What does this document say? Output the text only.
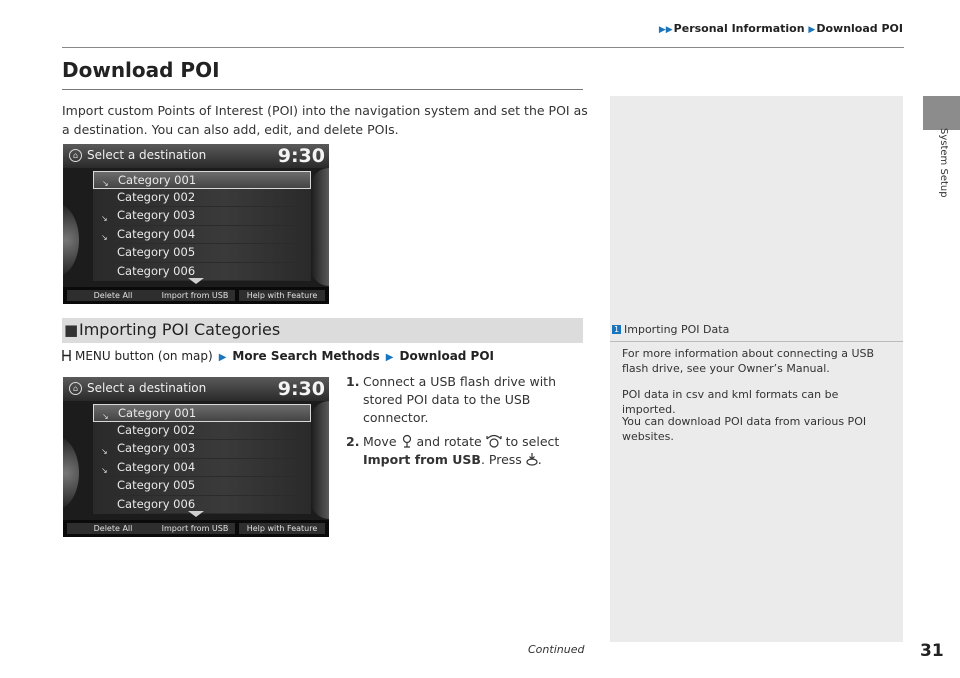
▶▶Personal Information ▶Download POI
System Setup
Download POI
Import custom Points of Interest (POI) into the navigation system and set the POI as a destination. You can also add, edit, and delete POIs.
1 Importing POI Data
For more information about connecting a USB flash drive, see your Owner’s Manual.
POI data in csv and kml formats can be imported.
You can download POI data from various POI websites.
⌂ Select a destination	9:30
↘ Category 001
Category 002
↘ Category 003
↘ Category 004
Category 005
Category 006
Delete All	Import from USB	Help with Feature
■ Importing POI Categories
MENU button (on map) ▶ More Search Methods ▶ Download POI
⌂ Select a destination	9:30
↘ Category 001
Category 002
↘ Category 003
↘ Category 004
Category 005
Category 006
Delete All	Import from USB	Help with Feature
1. Connect a USB flash drive with stored POI data to the USB connector.
2. Move and rotate to select Import from USB. Press .
Continued	31
